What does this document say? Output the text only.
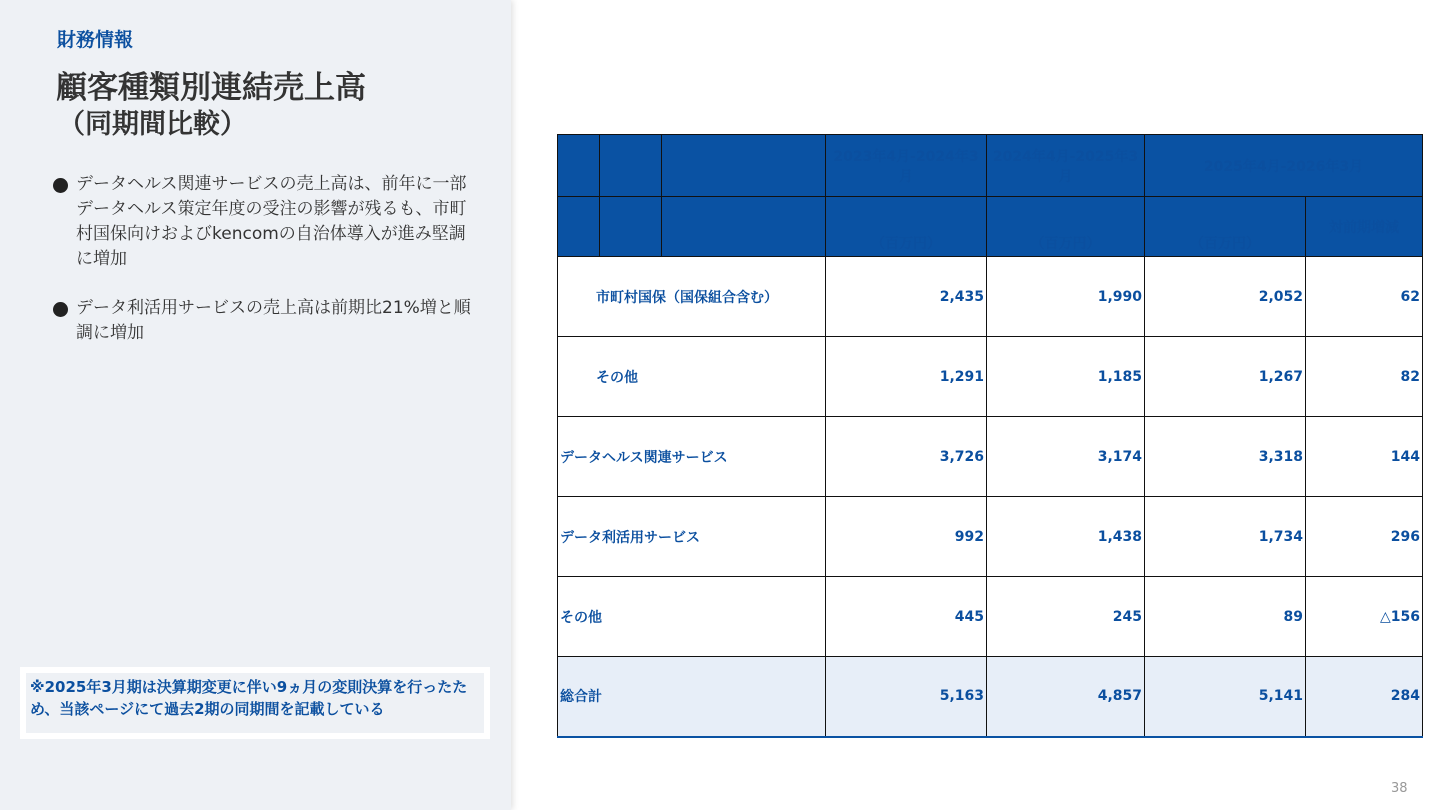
財務情報
顧客種類別連結売上高
（同期間比較）
データヘルス関連サービスの売上高は、前年に一部データヘルス策定年度の受注の影響が残るも、市町村国保向けおよびkencomの自治体導入が進み堅調に増加
データ利活用サービスの売上高は前期比21%増と順調に増加
※2025年3月期は決算期変更に伴い9ヵ月の変則決算を行ったため、当該ページにて過去2期の同期間を記載している
			2023年4月-2024年3月	2024年4月-2025年3月	2025年4月-2026年3月	
			（百万円）	（百万円）	（百万円）	対前期増減
市町村国保（国保組合含む）			2,435	1,990	2,052	62
その他			1,291	1,185	1,267	82
データヘルス関連サービス			3,726	3,174	3,318	144
データ利活用サービス			992	1,438	1,734	296
その他			445	245	89	△156
総合計			5,163	4,857	5,141	284
38
